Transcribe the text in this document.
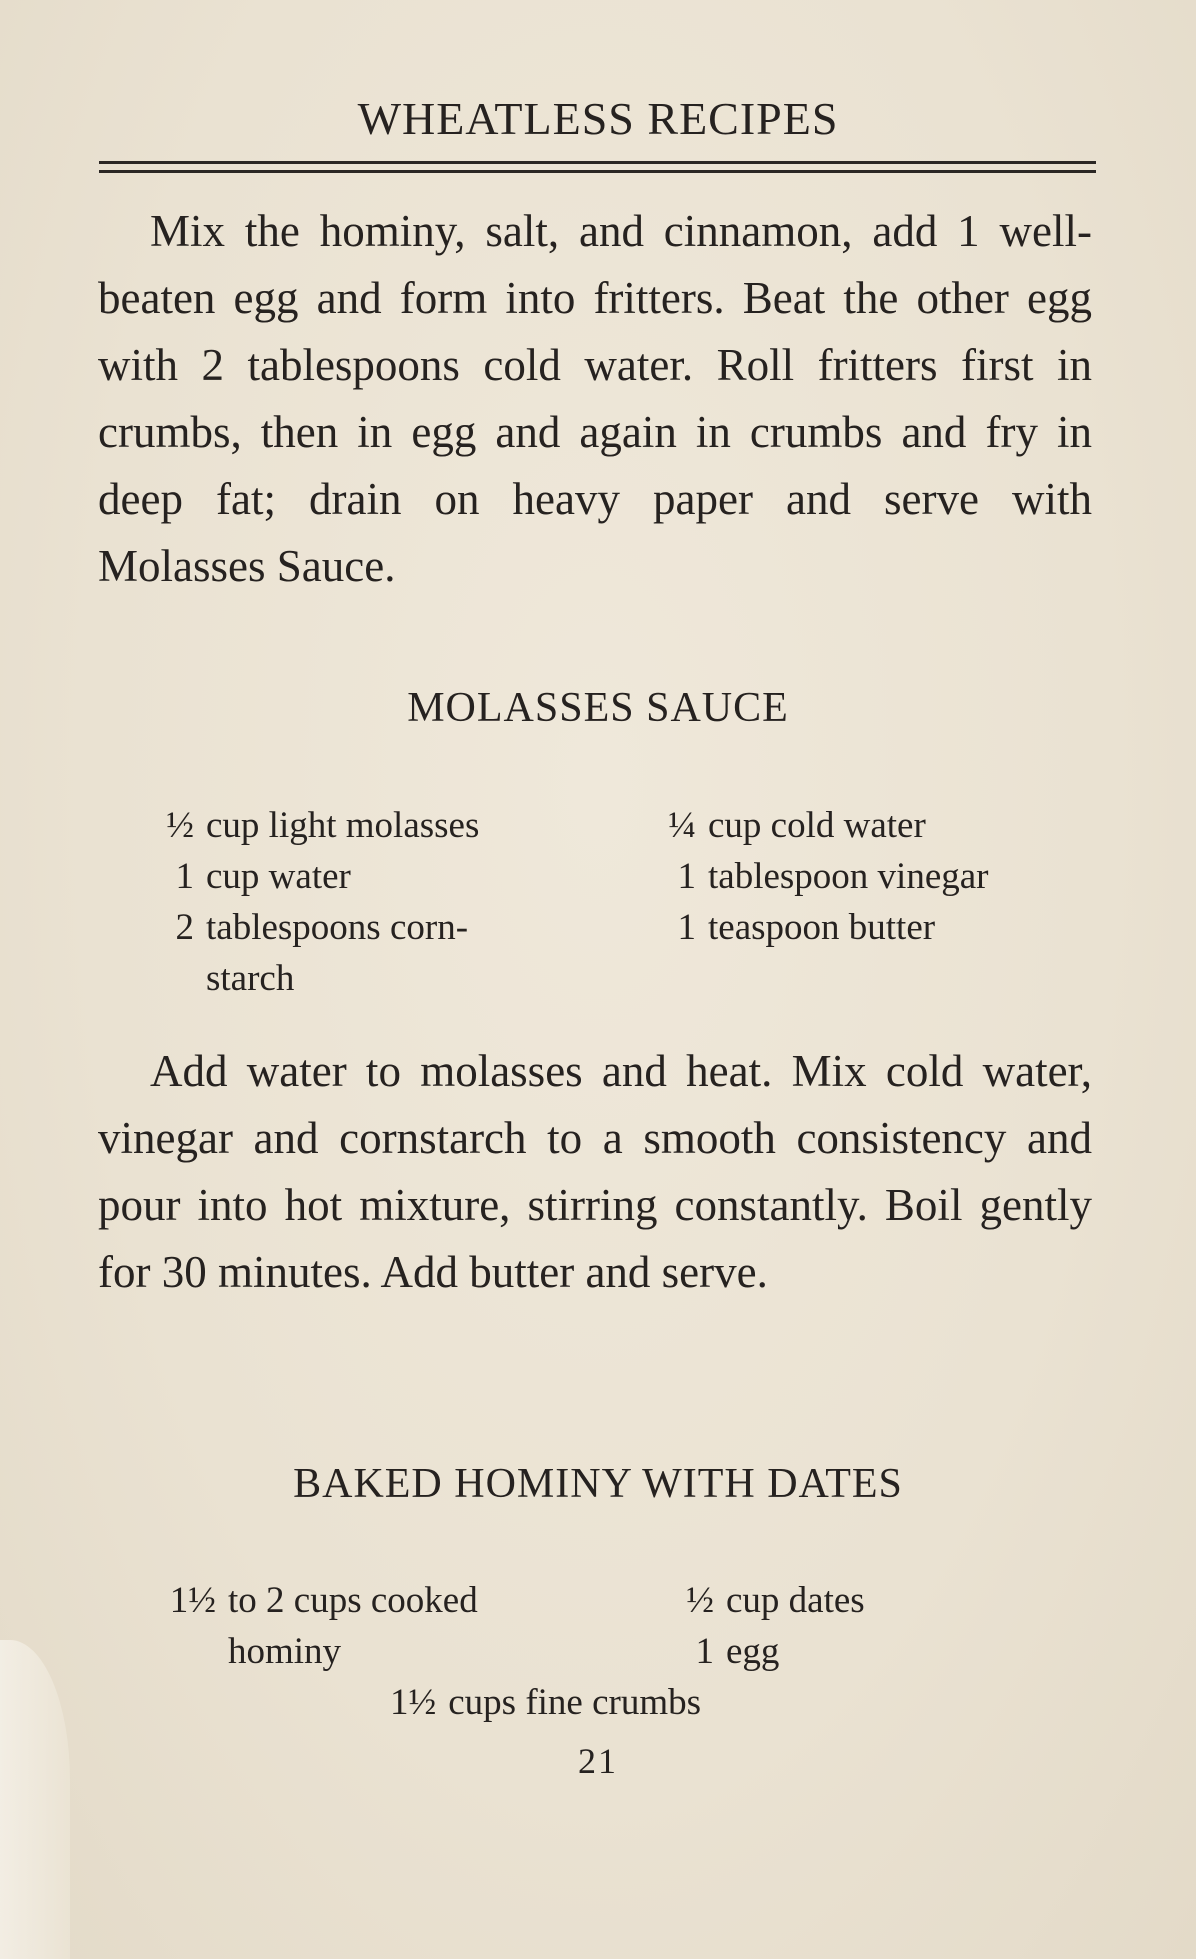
WHEATLESS RECIPES

Mix the hominy, salt, and cinnamon, add 1 well-beaten egg and form into fritters. Beat the other egg with 2 tablespoons cold water. Roll fritters first in crumbs, then in egg and again in crumbs and fry in deep fat; drain on heavy paper and serve with Molasses Sauce.

MOLASSES SAUCE
½ cup light molasses
1 cup water
2 tablespoons corn-starch
¼ cup cold water
1 tablespoon vinegar
1 teaspoon butter

Add water to molasses and heat. Mix cold water, vinegar and cornstarch to a smooth consistency and pour into hot mixture, stirring constantly. Boil gently for 30 minutes. Add butter and serve.

BAKED HOMINY WITH DATES
1½ to 2 cups cooked hominy
½ cup dates
1 egg
1½ cups fine crumbs
21
